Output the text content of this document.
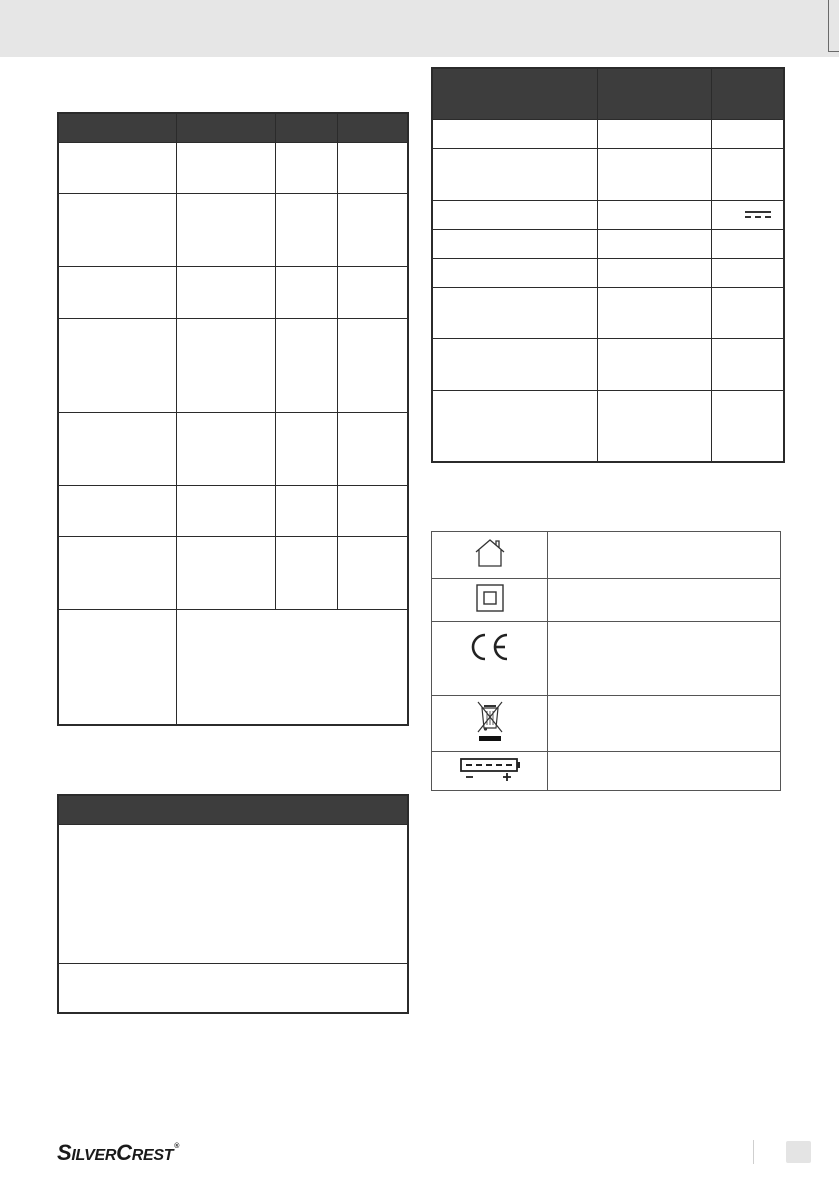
S ILVER C REST
®
